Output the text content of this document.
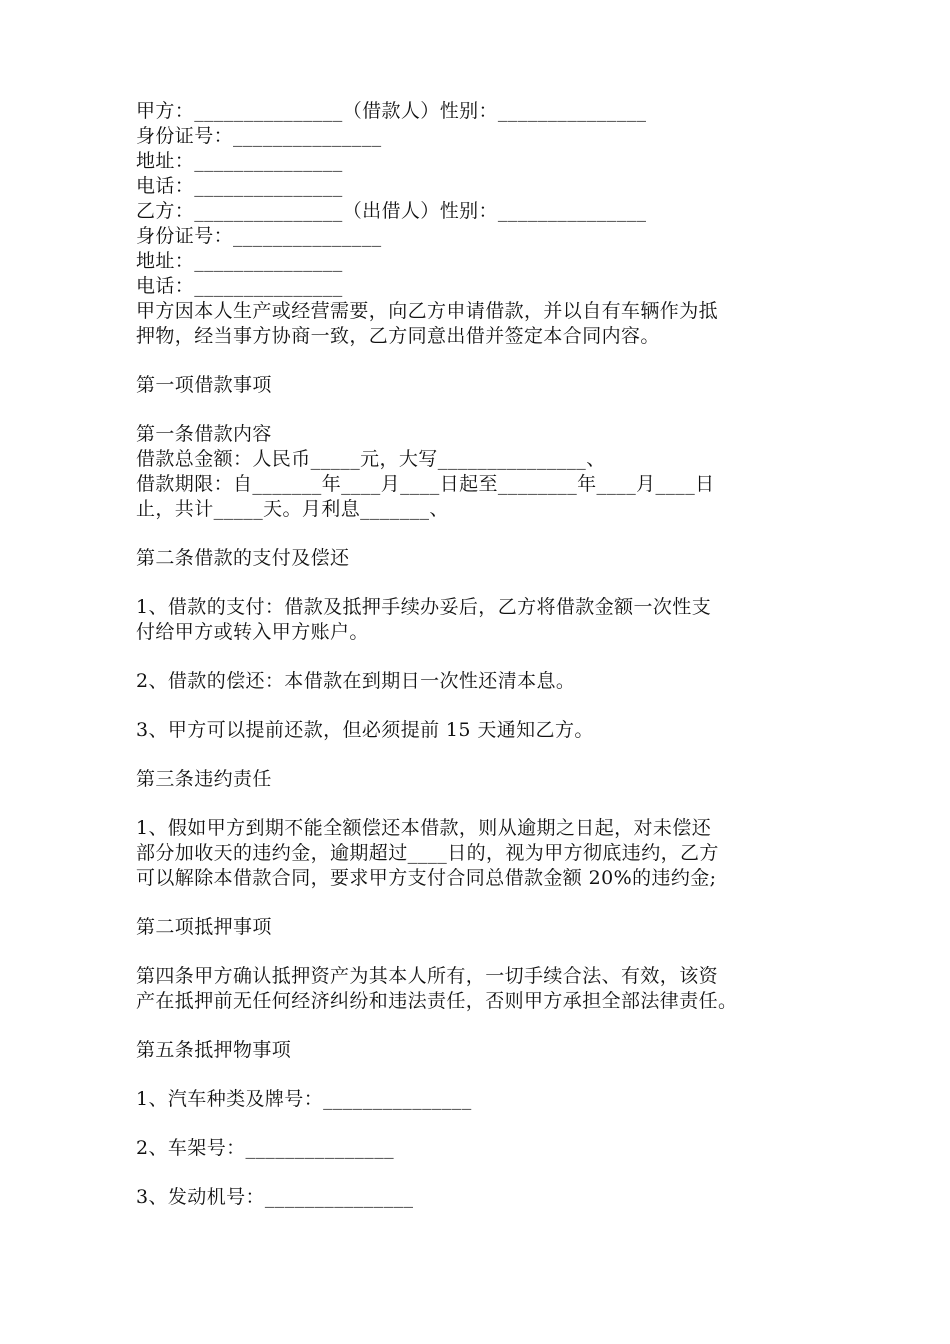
甲方：_______________（借款人）性别：_______________
身份证号：_______________
地址：_______________
电话：_______________
乙方：_______________（出借人）性别：_______________
身份证号：_______________
地址：_______________
电话：_______________
甲方因本人生产或经营需要，向乙方申请借款，并以自有车辆作为抵
押物，经当事方协商一致，乙方同意出借并签定本合同内容。
第一项借款事项
第一条借款内容
借款总金额：人民币_____元，大写_______________、
借款期限：自_______年____月____日起至________年____月____日
止，共计_____天。月利息_______、
第二条借款的支付及偿还
1、借款的支付：借款及抵押手续办妥后，乙方将借款金额一次性支
付给甲方或转入甲方账户。
2、借款的偿还：本借款在到期日一次性还清本息。
3、甲方可以提前还款，但必须提前 15 天通知乙方。
第三条违约责任
1、假如甲方到期不能全额偿还本借款，则从逾期之日起，对未偿还
部分加收天的违约金，逾期超过____日的，视为甲方彻底违约，乙方
可以解除本借款合同，要求甲方支付合同总借款金额 20%的违约金;
第二项抵押事项
第四条甲方确认抵押资产为其本人所有，一切手续合法、有效，该资
产在抵押前无任何经济纠纷和违法责任，否则甲方承担全部法律责任。
第五条抵押物事项
1、汽车种类及牌号：_______________
2、车架号：_______________
3、发动机号：_______________
